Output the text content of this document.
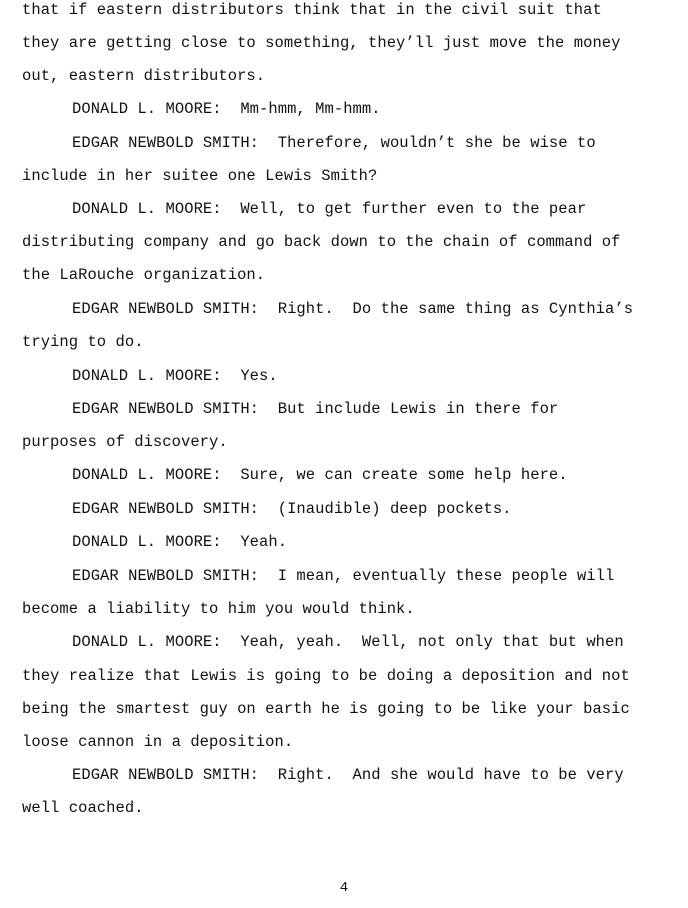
that if eastern distributors think that in the civil suit that
they are getting close to something, they’ll just move the money
out, eastern distributors.
DONALD L. MOORE:  Mm-hmm, Mm-hmm.
EDGAR NEWBOLD SMITH:  Therefore, wouldn’t she be wise to
include in her suitee one Lewis Smith?
DONALD L. MOORE:  Well, to get further even to the pear
distributing company and go back down to the chain of command of
the LaRouche organization.
EDGAR NEWBOLD SMITH:  Right.  Do the same thing as Cynthia’s
trying to do.
DONALD L. MOORE:  Yes.
EDGAR NEWBOLD SMITH:  But include Lewis in there for
purposes of discovery.
DONALD L. MOORE:  Sure, we can create some help here.
EDGAR NEWBOLD SMITH:  (Inaudible) deep pockets.
DONALD L. MOORE:  Yeah.
EDGAR NEWBOLD SMITH:  I mean, eventually these people will
become a liability to him you would think.
DONALD L. MOORE:  Yeah, yeah.  Well, not only that but when
they realize that Lewis is going to be doing a deposition and not
being the smartest guy on earth he is going to be like your basic
loose cannon in a deposition.
EDGAR NEWBOLD SMITH:  Right.  And she would have to be very
well coached.
4
